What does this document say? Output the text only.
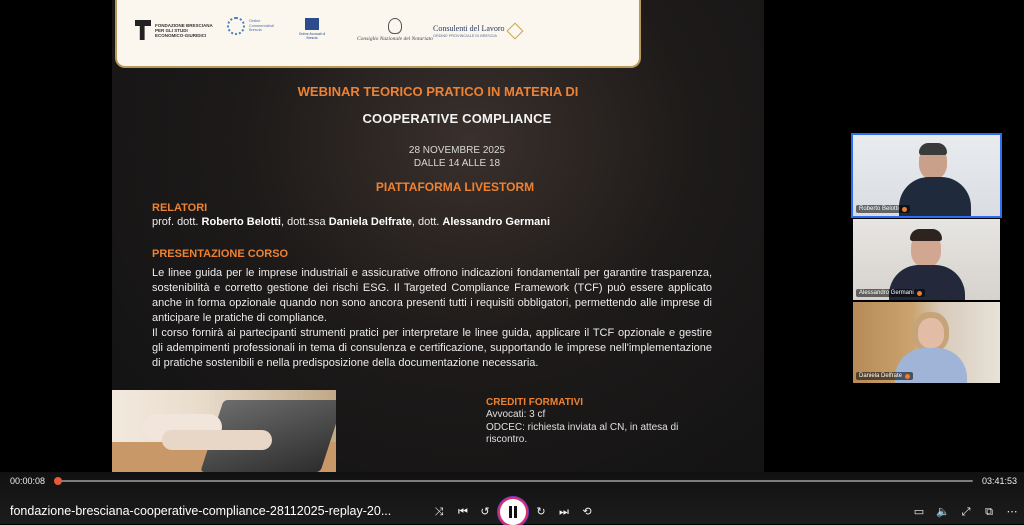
FONDAZIONE BRESCIANA
PER GLI STUDI
ECONOMICO-GIURIDICI
Ordine
Commercialisti
Brescia
Ordine Avvocati di Brescia	Consiglio Nazionale del Notariato
Consulenti del Lavoro
ORDINE PROVINCIALE DI BRESCIA
WEBINAR TEORICO PRATICO IN MATERIA DI
COOPERATIVE COMPLIANCE
28 NOVEMBRE 2025
DALLE 14 ALLE 18
PIATTAFORMA LIVESTORM
RELATORI
prof. dott. Roberto Belotti, dott.ssa Daniela Delfrate, dott. Alessandro Germani
PRESENTAZIONE CORSO
Le linee guida per le imprese industriali e assicurative offrono indicazioni fondamentali per garantire trasparenza, sostenibilità e corretto gestione dei rischi ESG. Il Targeted Compliance Framework (TCF) può essere applicato anche in forma opzionale quando non sono ancora presenti tutti i requisiti obbligatori, permettendo alle imprese di anticipare le pratiche di compliance.
Il corso fornirà ai partecipanti strumenti pratici per interpretare le linee guida, applicare il TCF opzionale e gestire gli adempimenti professionali in tema di consulenza e certificazione, supportando le imprese nell'implementazione di pratiche sostenibili e nella predisposizione della documentazione necessaria.
CREDITI FORMATIVI
Avvocati: 3 cf
ODCEC: richiesta inviata al CN, in attesa di riscontro.
Roberto Belotti
Alessandro Germani
Daniela Delfrate
00:00:08	03:41:53
fondazione-bresciana-cooperative-compliance-28112025-replay-20...	⤨ ⏮ ↺	↻ ⏭ ⟲	▭ 🔈 ⤢ ⧉ ⋯
